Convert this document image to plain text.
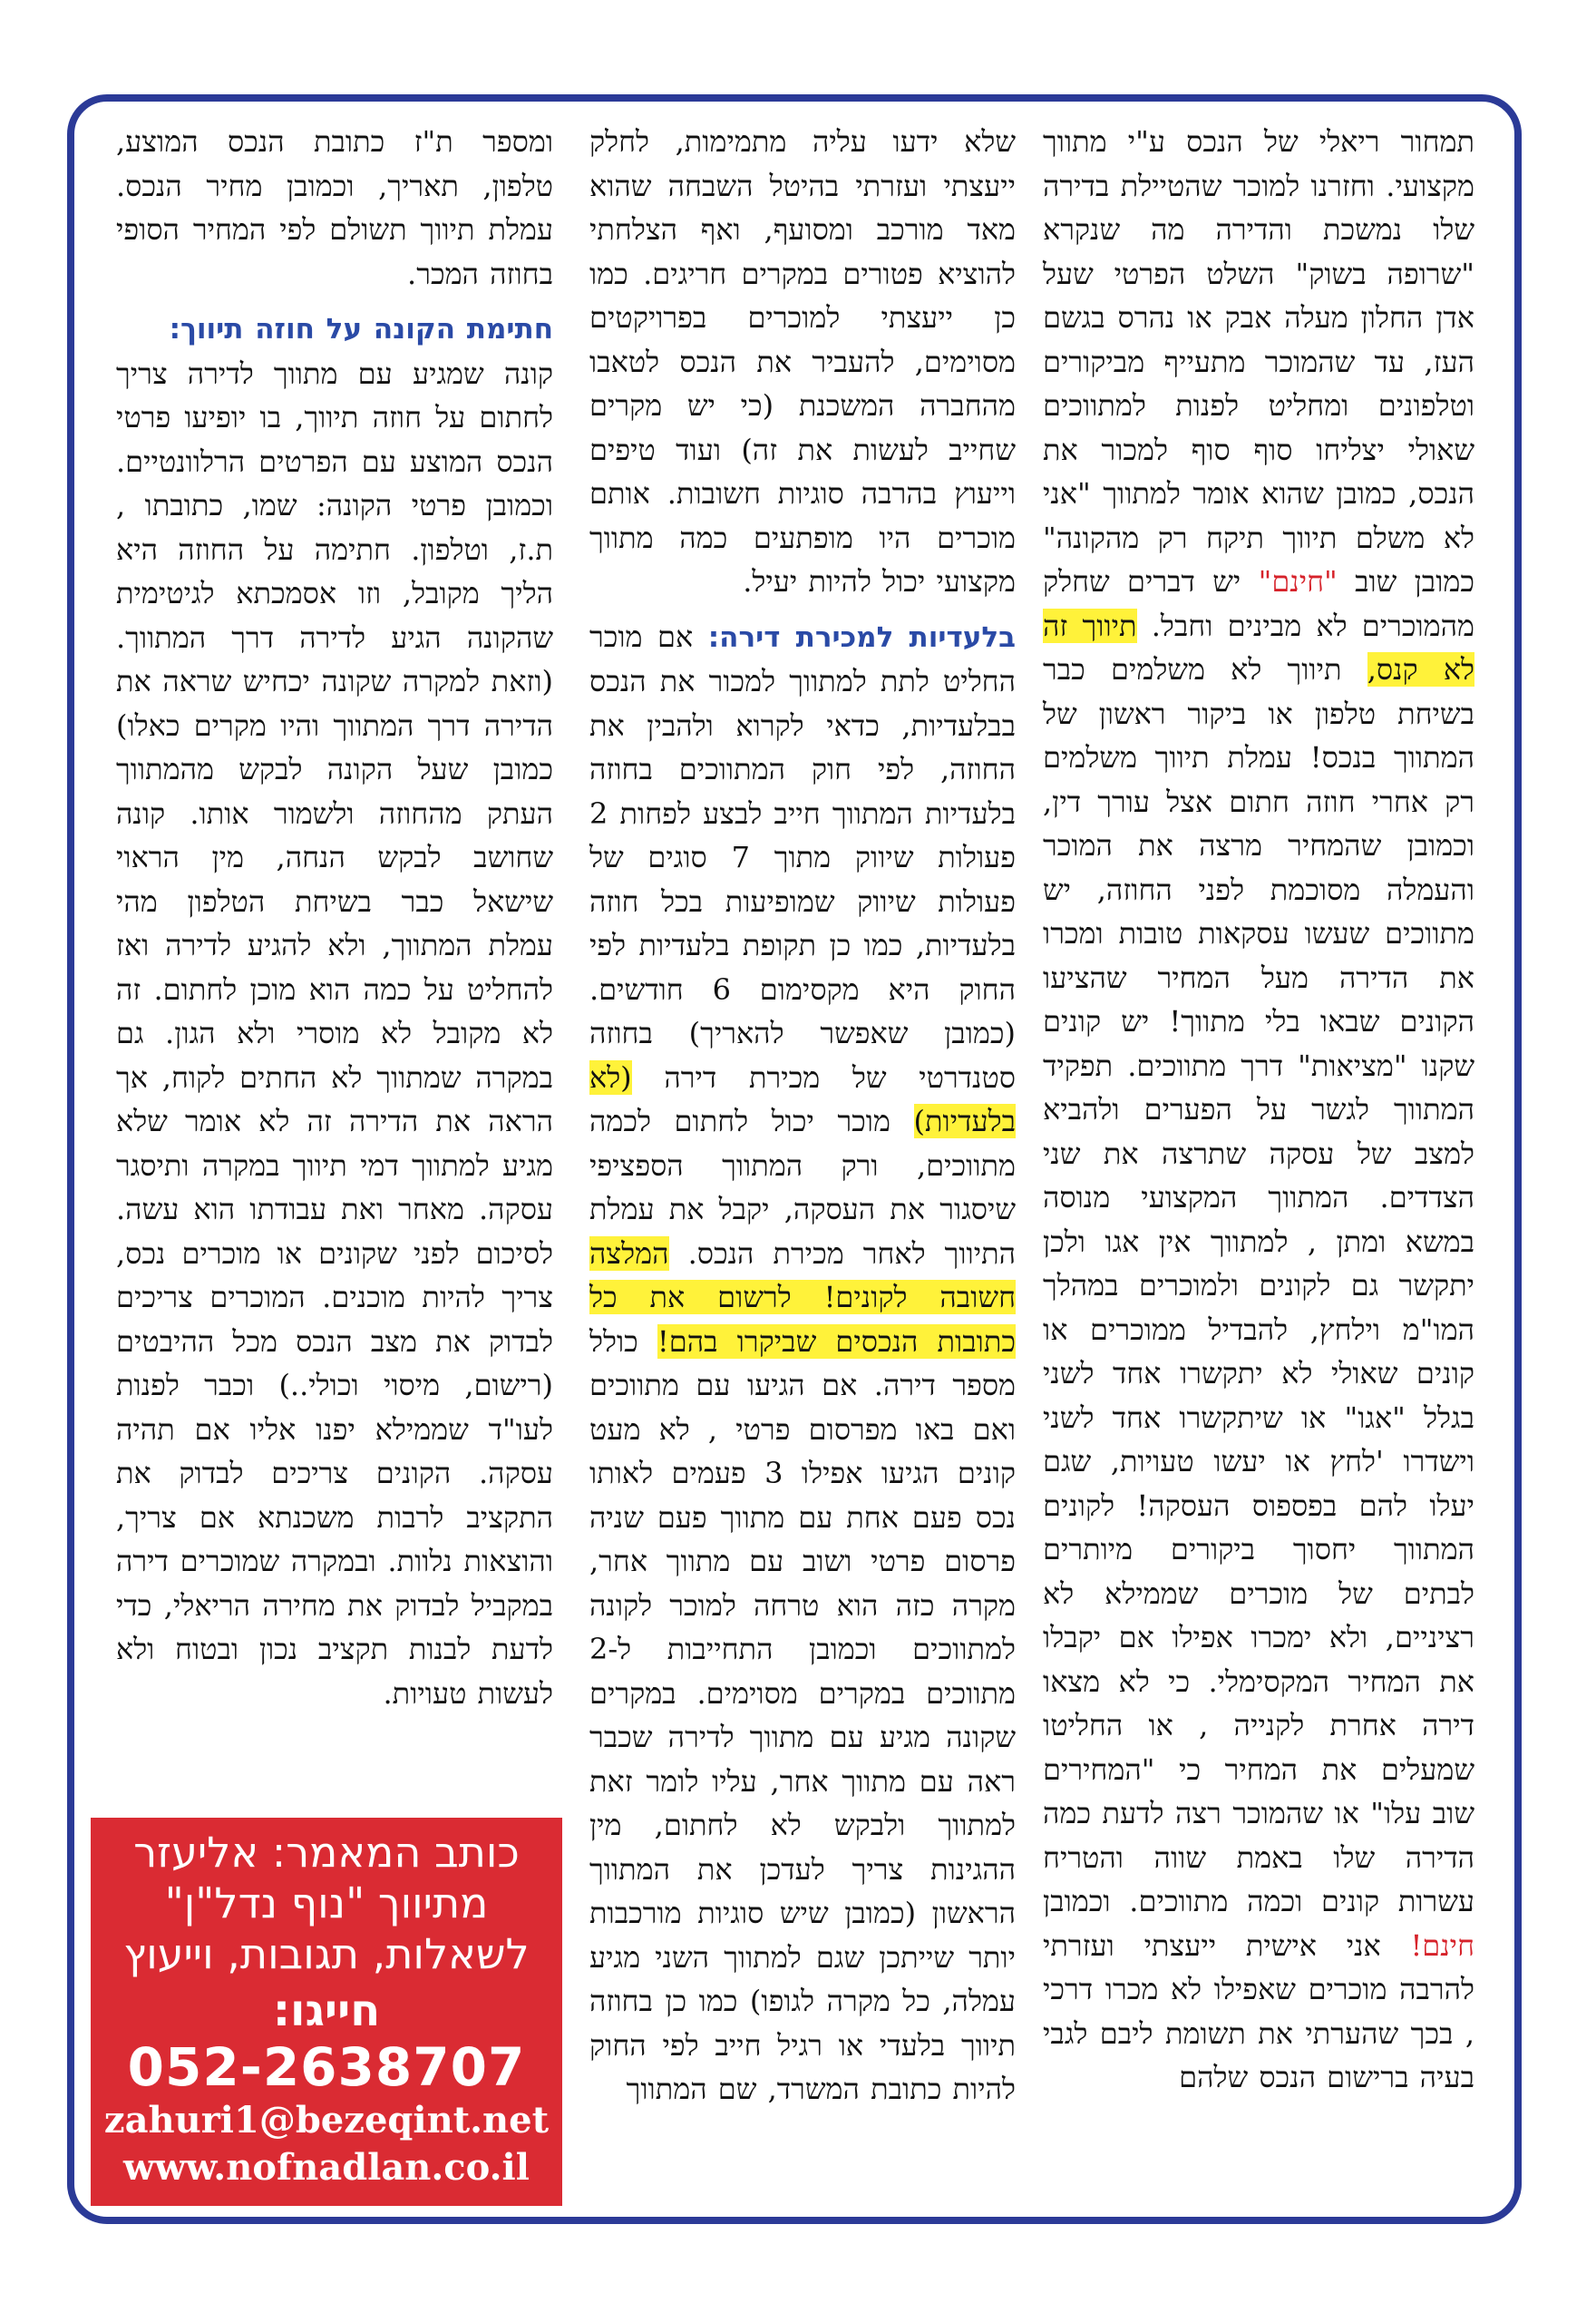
תמחור ריאלי של הנכס ע"י מתווך מקצועי. וחזרנו למוכר שהטיילת בדירה שלו נמשכת והדירה מה שנקרא "שרופה בשוק" השלט הפרטי שעל אדן החלון מעלה אבק או נהרס בגשם העז, עד שהמוכר מתעייף מביקורים וטלפונים ומחליט לפנות למתווכים שאולי יצליחו סוף סוף למכור את הנכס, כמובן שהוא אומר למתווך "אני לא משלם תיווך תיקח רק מהקונה" כמובן שוב "חינם" יש דברים שחלק מהמוכרים לא מבינים וחבל. תיווך זה לא קנס, תיווך לא משלמים כבר בשיחת טלפון או ביקור ראשון של המתווך בנכס! עמלת תיווך משלמים רק אחרי חוזה חתום אצל עורך דין, וכמובן שהמחיר מרצה את המוכר והעמלה מסוכמת לפני החוזה, יש מתווכים שעשו עסקאות טובות ומכרו את הדירה מעל המחיר שהציעו הקונים שבאו בלי מתווך! יש קונים שקנו "מציאות" דרך מתווכים. תפקיד המתווך לגשר על הפערים ולהביא למצב של עסקה שתרצה את שני הצדדים. המתווך המקצועי מנוסה במשא ומתן , למתווך אין אגו ולכן יתקשר גם לקונים ולמוכרים במהלך המו"מ וילחץ, להבדיל ממוכרים או קונים שאולי לא יתקשרו אחד לשני בגלל "אגו" או שיתקשרו אחד לשני וישדרו 'לחץ או יעשו טעויות, שגם יעלו להם בפספוס העסקה! לקונים המתווך יחסוך ביקורים מיותרים לבתים של מוכרים שממילא לא רציניים, ולא ימכרו אפילו אם יקבלו את המחיר המקסימלי. כי לא מצאו דירה אחרת לקנייה , או החליטו שמעלים את המחיר כי "המחירים שוב עלו" או שהמוכר רצה לדעת כמה הדירה שלו באמת שווה והטריח עשרות קונים וכמה מתווכים. וכמובן חינם! אני אישית ייעצתי ועזרתי להרבה מוכרים שאפילו לא מכרו דרכי , בכך שהערתי את תשומת ליבם לגבי בעיה ברישום הנכס שלהם

שלא ידעו עליה מתמימות, לחלק ייעצתי ועזרתי בהיטל השבחה שהוא מאד מורכב ומסועף, ואף הצלחתי להוציא פטורים במקרים חריגים. כמו כן ייעצתי למוכרים בפרויקטים מסוימים, להעביר את הנכס לטאבו מהחברה המשכנת (כי יש מקרים שחייב לעשות את זה) ועוד טיפים וייעוץ בהרבה סוגיות חשובות. אותם מוכרים היו מופתעים כמה מתווך מקצועי יכול להיות יעיל.

בלעדיות למכירת דירה: אם מוכר החליט לתת למתווך למכור את הנכס בבלעדיות, כדאי לקרוא ולהבין את החוזה, לפי חוק המתווכים בחוזה בלעדיות המתווך חייב לבצע לפחות 2 פעולות שיווק מתוך 7 סוגים של פעולות שיווק שמופיעות בכל חוזה בלעדיות, כמו כן תקופת בלעדיות לפי החוק היא מקסימום 6 חודשים.(כמובן שאפשר להאריך) בחוזה סטנדרטי של מכירת דירה (לא בלעדיות) מוכר יכול לחתום לכמה מתווכים, ורק המתווך הספציפי שיסגור את העסקה, יקבל את עמלת התיווך לאחר מכירת הנכס. המלצה חשובה לקונים! לרשום את כל כתובות הנכסים שביקרו בהם! כולל מספר דירה. אם הגיעו עם מתווכים ואם באו מפרסום פרטי , לא מעט קונים הגיעו אפילו 3 פעמים לאותו נכס פעם אחת עם מתווך פעם שניה פרסום פרטי ושוב עם מתווך אחר, מקרה כזה הוא טרחה למוכר לקונה למתווכים וכמובן התחייבות ל-2 מתווכים במקרים מסוימים. במקרים שקונה מגיע עם מתווך לדירה שכבר ראה עם מתווך אחר, עליו לומר זאת למתווך ולבקש לא לחתום, מין ההגינות צריך לעדכן את המתווך הראשון (כמובן שיש סוגיות מורכבות יותר שייתכן שגם למתווך השני מגיע עמלה, כל מקרה לגופו) כמו כן בחוזה תיווך בלעדי או רגיל חייב לפי החוק להיות כתובת המשרד, שם המתווך

ומספר ת"ז כתובת הנכס המוצע, טלפון, תאריך, וכמובן מחיר הנכס. עמלת תיווך תשולם לפי המחיר הסופי בחוזה המכר.

חתימת הקונה על חוזה תיווך:

קונה שמגיע עם מתווך לדירה צריך לחתום על חוזה תיווך, בו יופיעו פרטי הנכס המוצע עם הפרטים הרלוונטיים. וכמובן פרטי הקונה: שמו, כתובתו , ת.ז, וטלפון. חתימה על החוזה היא הליך מקובל, וזו אסמכתא לגיטימית שהקונה הגיע לדירה דרך המתווך. (וזאת למקרה שקונה יכחיש שראה את הדירה דרך המתווך והיו מקרים כאלו) כמובן שעל הקונה לבקש מהמתווך העתק מהחוזה ולשמור אותו. קונה שחושב לבקש הנחה, מין הראוי שישאל כבר בשיחת הטלפון מהי עמלת המתווך, ולא להגיע לדירה ואז להחליט על כמה הוא מוכן לחתום. זה לא מקובל לא מוסרי ולא הגון. גם במקרה שמתווך לא החתים לקוח, אך הראה את הדירה זה לא אומר שלא מגיע למתווך דמי תיווך במקרה ותיסגר עסקה. מאחר ואת עבודתו הוא עשה. לסיכום לפני שקונים או מוכרים נכס, צריך להיות מוכנים. המוכרים צריכים לבדוק את מצב הנכס מכל ההיבטים (רישום, מיסוי וכולי..) וכבר לפנות לעו"ד שממילא יפנו אליו אם תהיה עסקה. הקונים צריכים לבדוק את התקציב לרבות משכנתא אם צריך, והוצאות נלוות. ובמקרה שמוכרים דירה במקביל לבדוק את מחירה הריאלי, כדי לדעת לבנות תקציב נכון ובטוח ולא לעשות טעויות.

כותב המאמר: אליעזר
מתיווך "נוף נדל"ן"
לשאלות, תגובות, וייעוץ
חייגו:
052-2638707
zahuri1@bezeqint.net
www.nofnadlan.co.il
